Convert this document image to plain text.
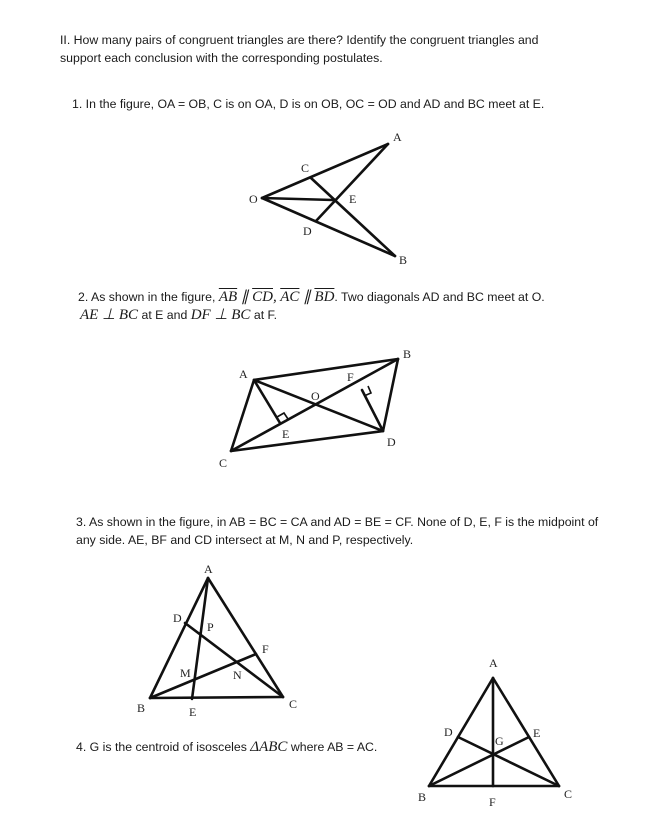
II. How many pairs of congruent triangles are there? Identify the congruent triangles and
support each conclusion with the corresponding postulates.
1. In the figure, OA = OB, C is on OA, D is on OB, OC = OD and AD and BC meet at E.
2. As shown in the figure, $\overline{AB}$ ∥ $\overline{CD}$, $\overline{AC}$ ∥ $\overline{BD}$. Two diagonals AD and BC meet at O.
AE ⊥ BC at E and DF ⊥ BC at F.
3. As shown in the figure, in AB = BC = CA and AD = BE = CF. None of D, E, F is the midpoint of
any side. AE, BF and CD intersect at M, N and P, respectively.
4. G is the centroid of isosceles ΔABC where AB = AC.
A
B
C
D
E
O
A
B
C
D
E
F
O
A
B	C
D
E
F
M	N
P
A
B	C
D	E
F
G
